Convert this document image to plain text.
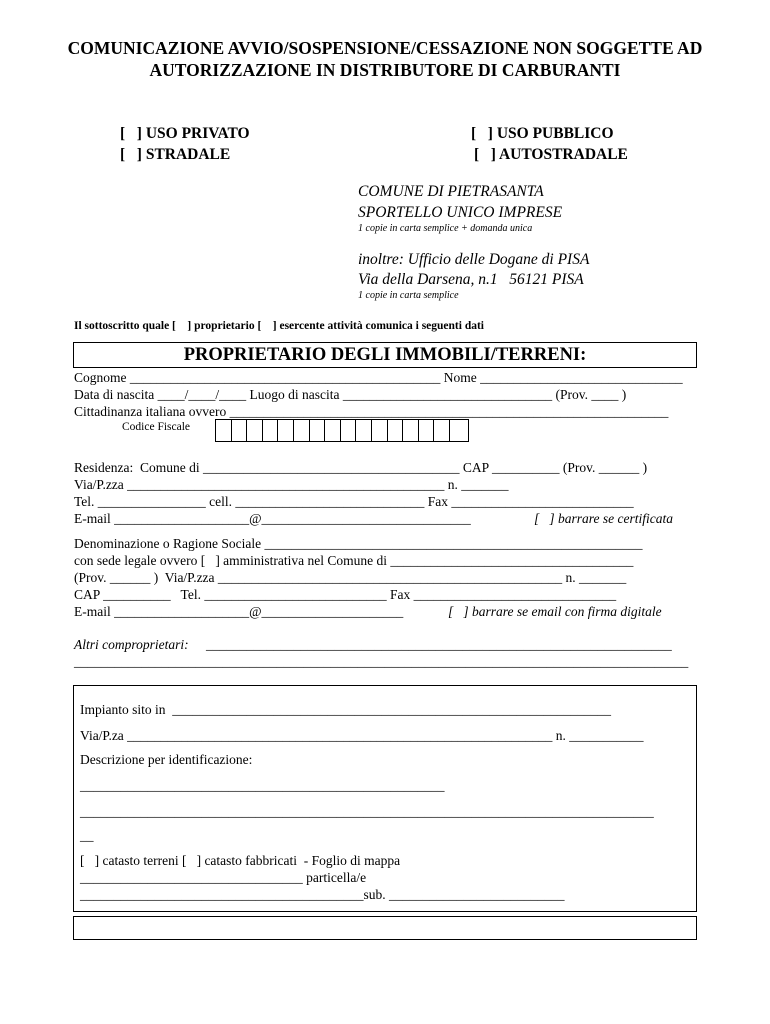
COMUNICAZIONE AVVIO/SOSPENSIONE/CESSAZIONE NON SOGGETTE AD AUTORIZZAZIONE IN DISTRIBUTORE DI CARBURANTI
[   ] USO PRIVATO	[   ] USO PUBBLICO
[   ] STRADALE	[   ] AUTOSTRADALE
COMUNE DI PIETRASANTA
SPORTELLO UNICO IMPRESE
1 copie in carta semplice + domanda unica
inoltre: Ufficio delle Dogane di PISA
Via della Darsena, n.1   56121 PISA
1 copie in carta semplice
Il sottoscritto quale [    ] proprietario [    ] esercente attività comunica i seguenti dati
PROPRIETARIO DEGLI IMMOBILI/TERRENI:
Cognome ______________________________________________ Nome ______________________________
Data di nascita ____/____/____ Luogo di nascita _______________________________ (Prov. ____ )
Cittadinanza italiana ovvero _________________________________________________________________
Codice Fiscale
Residenza:  Comune di ______________________________________ CAP __________ (Prov. ______ )
Via/P.zza _______________________________________________ n. _______
Tel. ________________ cell. ____________________________ Fax ___________________________
E-mail ____________________@_______________________________	[   ] barrare se certificata
Denominazione o Ragione Sociale ________________________________________________________
con sede legale ovvero [   ] amministrativa nel Comune di ____________________________________
(Prov. ______ )  Via/P.zza ___________________________________________________ n. _______
CAP __________   Tel. ___________________________ Fax ______________________________
E-mail ____________________@_____________________	[   ] barrare se email con firma digitale
Altri comproprietari: _____________________________________________________________________
___________________________________________________________________________________________
Impianto sito in  _________________________________________________________________
Via/P.za _______________________________________________________________ n. ___________
Descrizione per identificazione:
______________________________________________________
_____________________________________________________________________________________
__
[   ] catasto terreni [   ] catasto fabbricati  - Foglio di mappa
_________________________________ particella/e
__________________________________________sub. __________________________
